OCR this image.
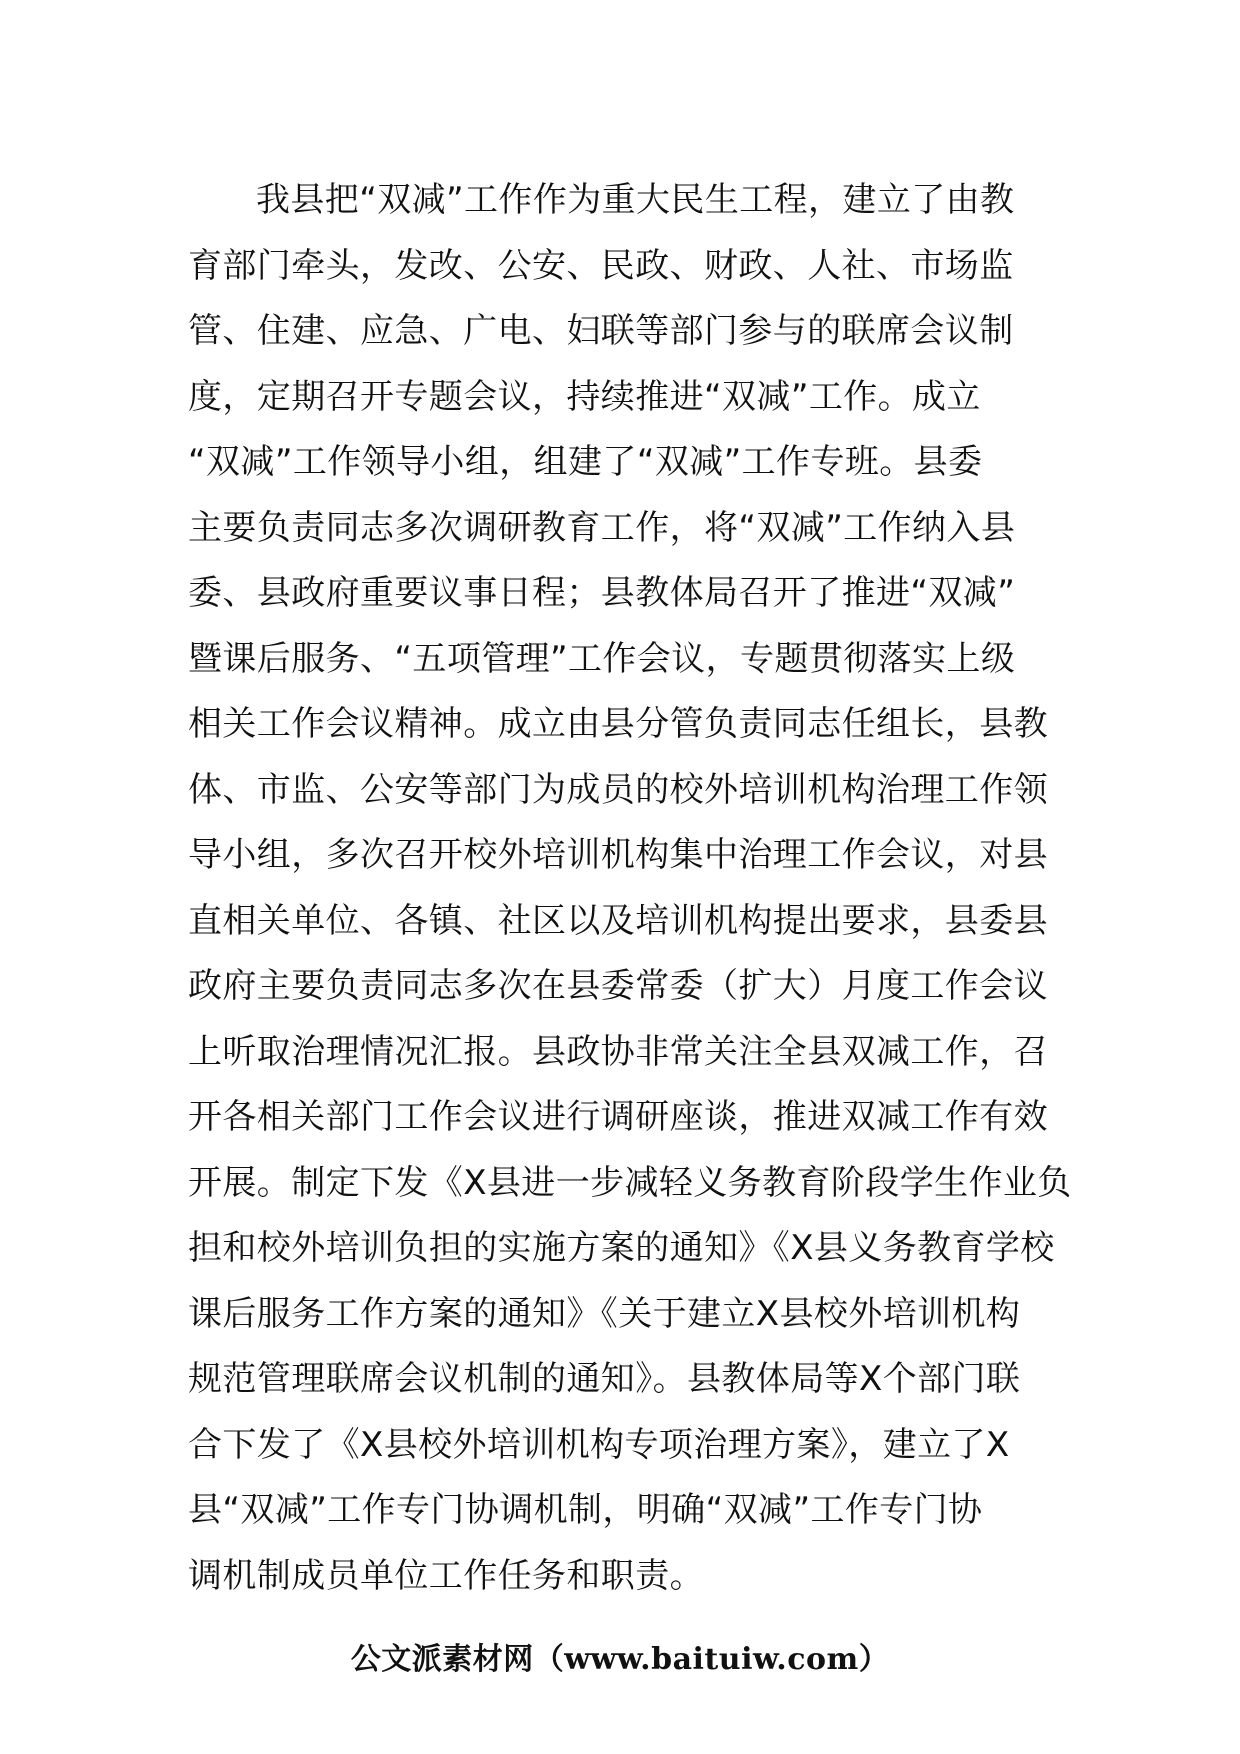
我县把“双减”工作作为重大民生工程，建立了由教
育部门牵头，发改、公安、民政、财政、人社、市场监
管、住建、应急、广电、妇联等部门参与的联席会议制
度，定期召开专题会议，持续推进“双减”工作。成立
“双减”工作领导小组，组建了“双减”工作专班。县委
主要负责同志多次调研教育工作，将“双减”工作纳入县
委、县政府重要议事日程；县教体局召开了推进“双减”
暨课后服务、“五项管理”工作会议，专题贯彻落实上级
相关工作会议精神。成立由县分管负责同志任组长，县教
体、市监、公安等部门为成员的校外培训机构治理工作领
导小组，多次召开校外培训机构集中治理工作会议，对县
直相关单位、各镇、社区以及培训机构提出要求，县委县
政府主要负责同志多次在县委常委（扩大）月度工作会议
上听取治理情况汇报。县政协非常关注全县双减工作，召
开各相关部门工作会议进行调研座谈，推进双减工作有效
开展。制定下发《X县进一步减轻义务教育阶段学生作业负
担和校外培训负担的实施方案的通知》《X县义务教育学校
课后服务工作方案的通知》《关于建立X县校外培训机构
规范管理联席会议机制的通知》。县教体局等X个部门联
合下发了《X县校外培训机构专项治理方案》，建立了X
县“双减”工作专门协调机制，明确“双减”工作专门协
调机制成员单位工作任务和职责。
公文派素材网（www.baituiw.com）
